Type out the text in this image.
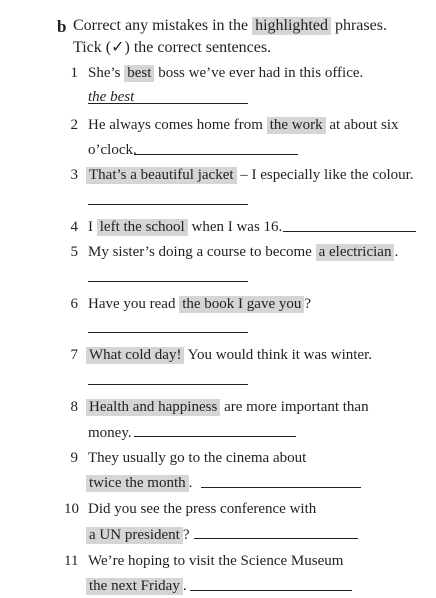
b Correct any mistakes in the highlighted phrases.
Tick (✓) the correct sentences.
1 She’s best boss we’ve ever had in this office.
the best
2 He always comes home from the work at about six
o’clock.
3 That’s a beautiful jacket – I especially like the colour.
4 I left the school when I was 16.
5 My sister’s doing a course to become a electrician .
6 Have you read the book I gave you ?
7 What cold day! You would think it was winter.
8 Health and happiness are more important than
money.
9 They usually go to the cinema about
twice the month .
10 Did you see the press conference with
a UN president ?
11 We’re hoping to visit the Science Museum
the next Friday .
